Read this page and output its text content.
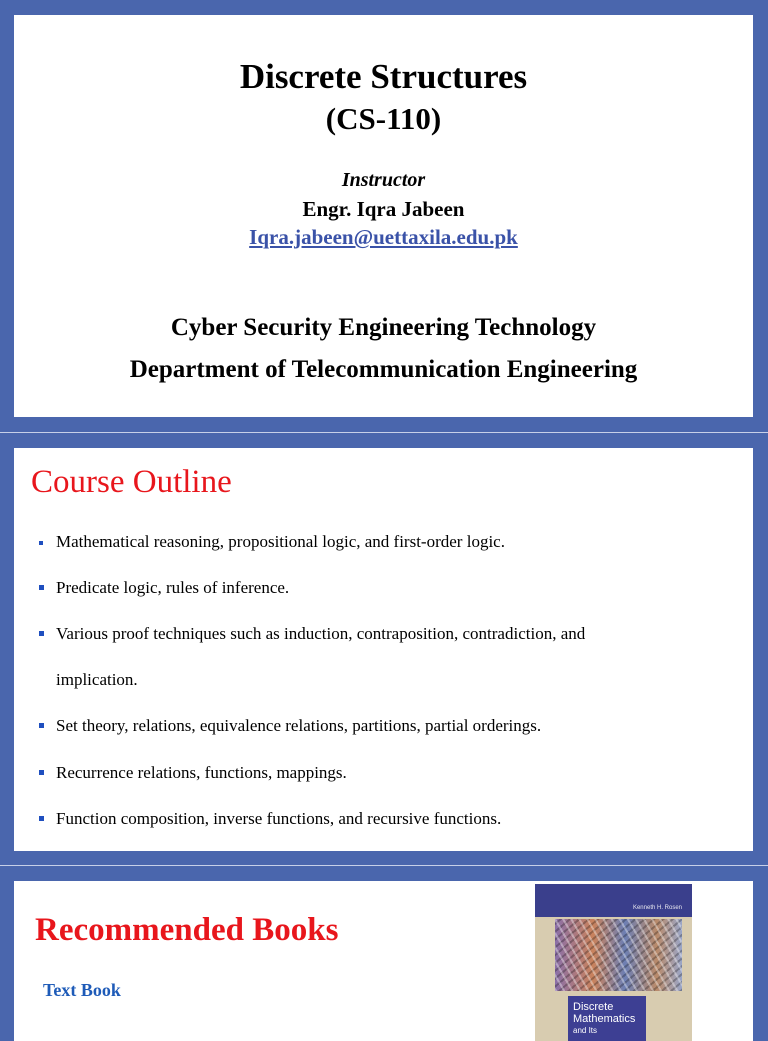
Discrete Structures
(CS-110)
Instructor
Engr. Iqra Jabeen
Iqra.jabeen@uettaxila.edu.pk
Cyber Security Engineering Technology
Department of Telecommunication Engineering
Course Outline
Mathematical reasoning, propositional logic, and first-order logic.
Predicate logic, rules of inference.
Various proof techniques such as induction, contraposition, contradiction, and
implication.
Set theory, relations, equivalence relations, partitions, partial orderings.
Recurrence relations, functions, mappings.
Function composition, inverse functions, and recursive functions.
Recommended Books
Text Book
Kenneth H. Rosen
Discrete
Mathematics
and Its
